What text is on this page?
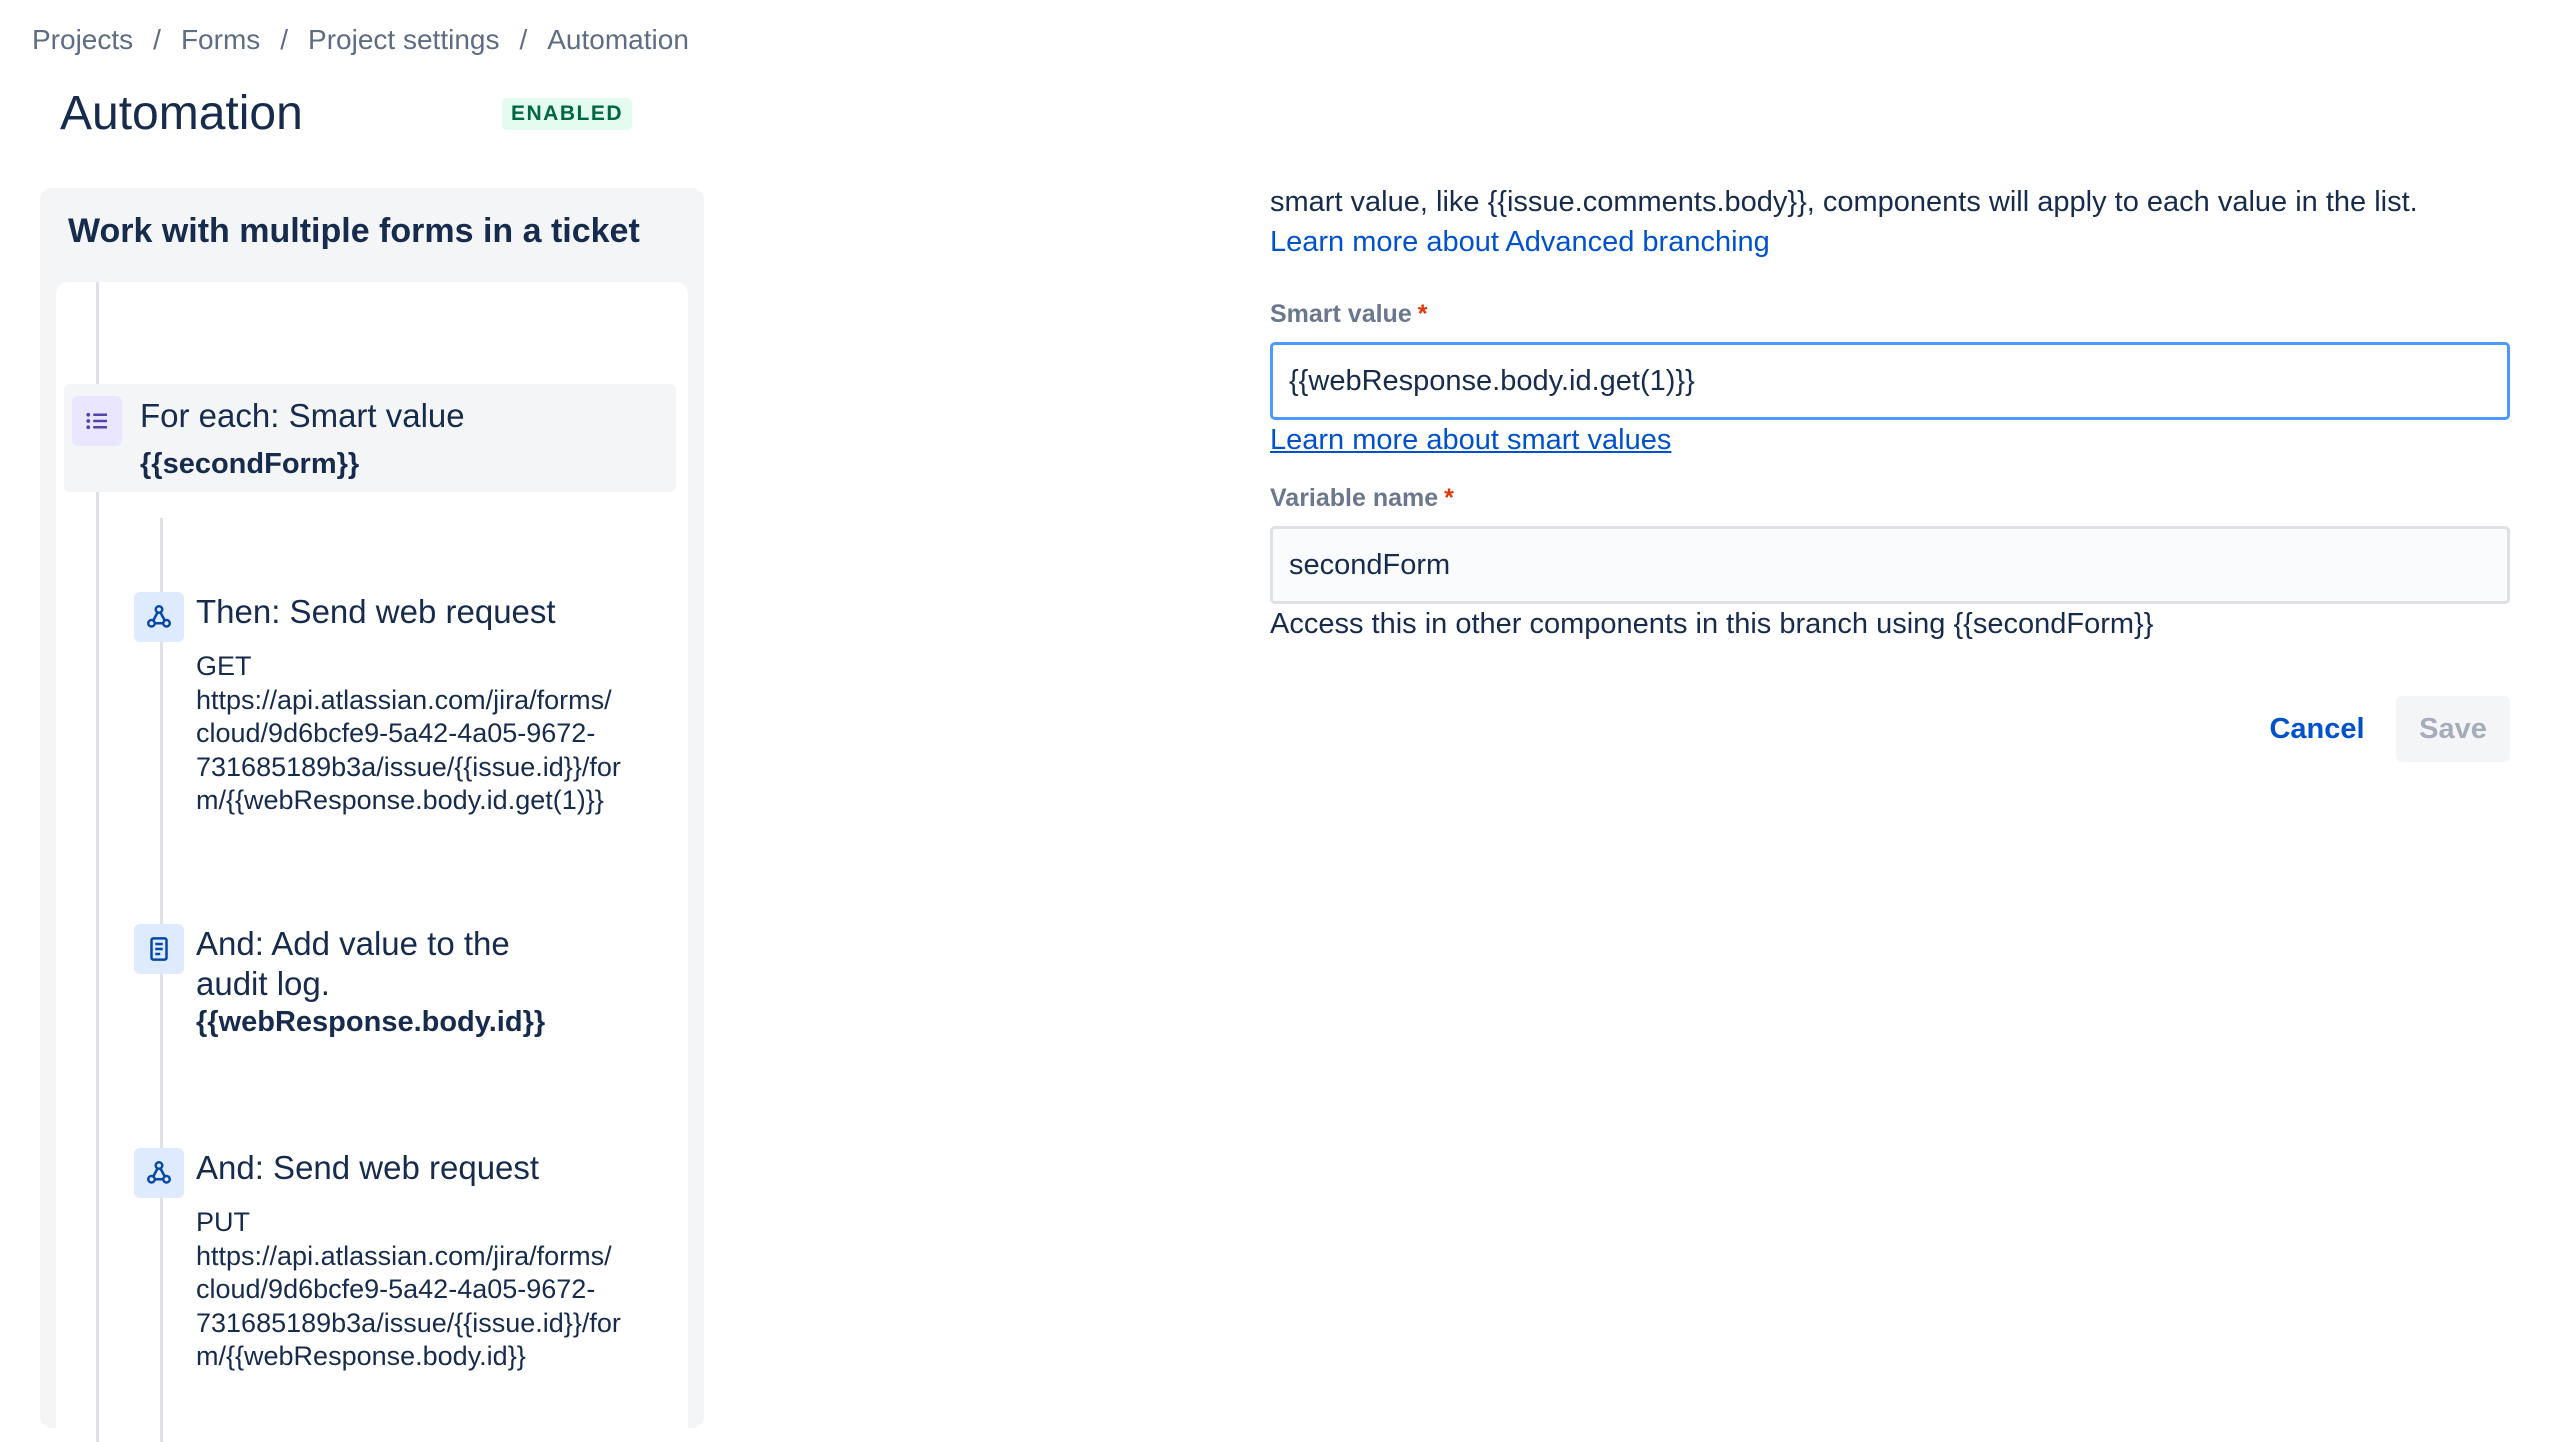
Projects / Forms / Project settings / Automation
Automation	ENABLED
Work with multiple forms in a ticket
For each: Smart value
{{secondForm}}
Then: Send web request
GET
https://api.atlassian.com/jira/forms/
cloud/9d6bcfe9-5a42-4a05-9672-
731685189b3a/issue/{{issue.id}}/for
m/{{webResponse.body.id.get(1)}}
And: Add value to the
audit log.
{{webResponse.body.id}}
And: Send web request
PUT
https://api.atlassian.com/jira/forms/
cloud/9d6bcfe9-5a42-4a05-9672-
731685189b3a/issue/{{issue.id}}/for
m/{{webResponse.body.id}}

smart value, like {{issue.comments.body}}, components will apply to each value in the list. Learn more about Advanced branching

Smart value *
{{webResponse.body.id.get(1)}}
Learn more about smart values
Variable name *
secondForm
Access this in other components in this branch using {{secondForm}}
Cancel	Save
